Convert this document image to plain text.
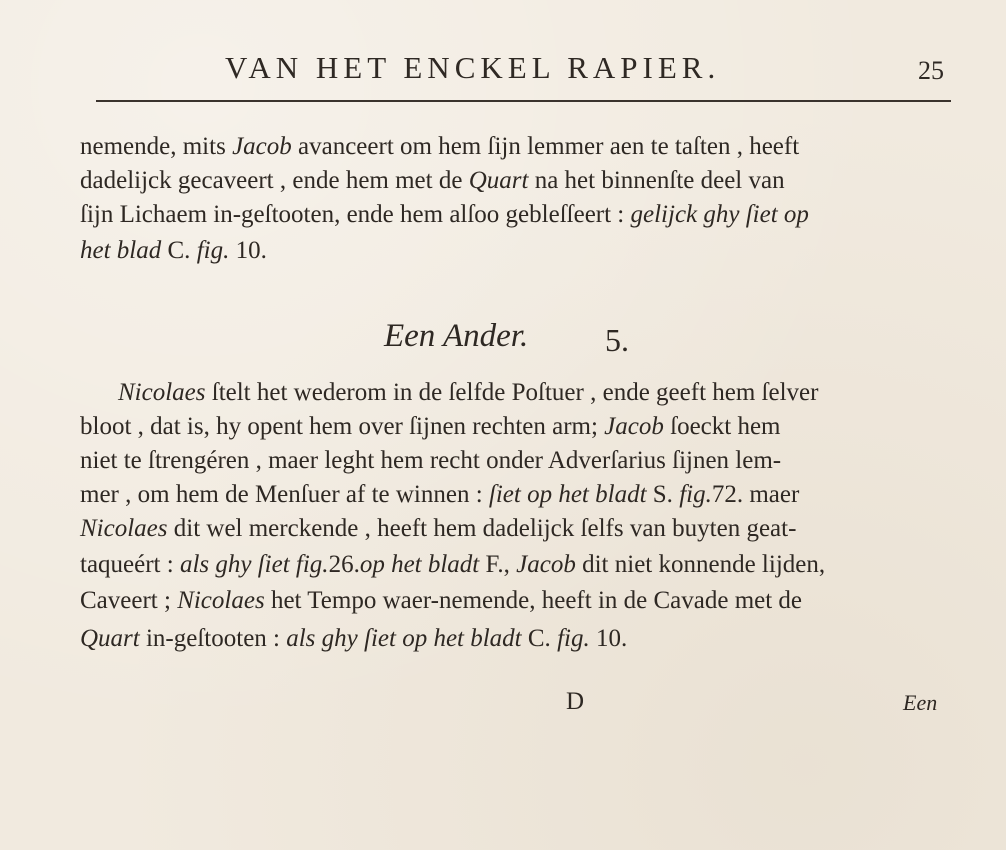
VAN HET ENCKEL RAPIER.	25
nemende, mits Jacob avanceert om hem ſijn lemmer aen te taſten , heeft
dadelijck gecaveert , ende hem met de Quart na het binnenſte deel van
ſijn Lichaem in-geſtooten, ende hem alſoo gebleſſeert : gelijck ghy ſiet op
het blad C. fig. 10.
Een Ander. 5.
Nicolaes ſtelt het wederom in de ſelfde Poſtuer , ende geeft hem ſelver
bloot , dat is, hy opent hem over ſijnen rechten arm; Jacob ſoeckt hem
niet te ſtrengéren , maer leght hem recht onder Adverſarius ſijnen lem-
mer , om hem de Menſuer af te winnen : ſiet op het bladt S. fig.72. maer
Nicolaes dit wel merckende , heeft hem dadelijck ſelfs van buyten geat-
taqueért : als ghy ſiet fig.26.op het bladt F., Jacob dit niet konnende lijden,
Caveert ; Nicolaes het Tempo waer-nemende, heeft in de Cavade met de
Quart in-geſtooten : als ghy ſiet op het bladt C. fig. 10.
D	Een
